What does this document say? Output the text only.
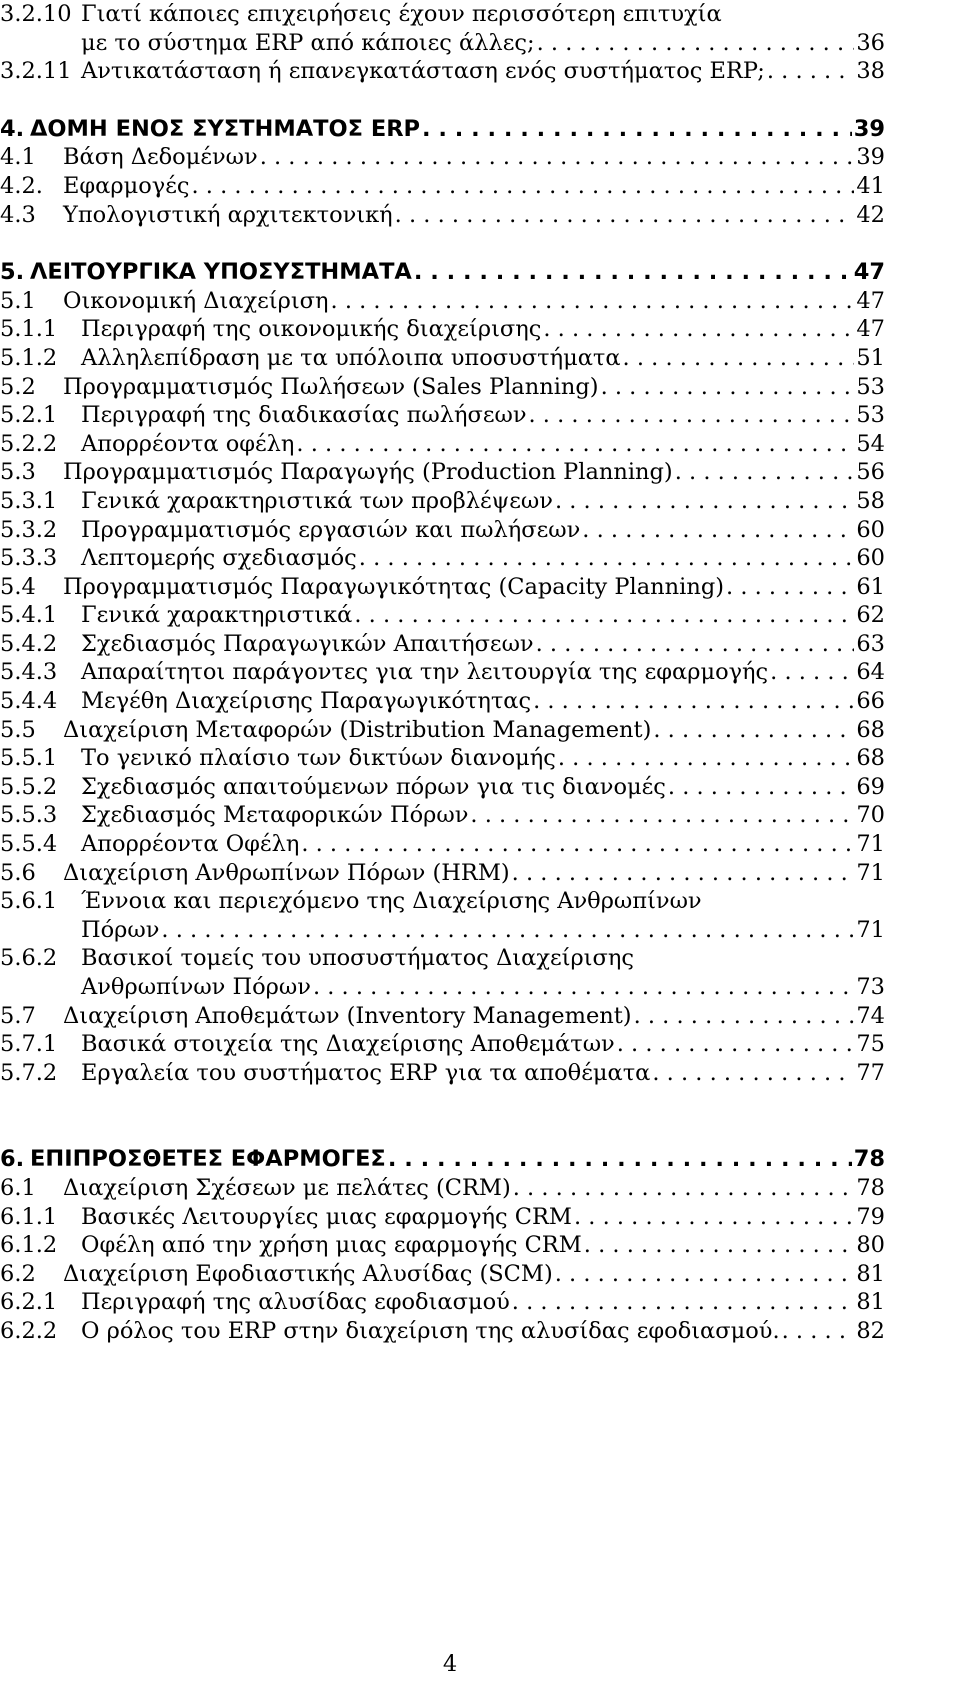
3.2.10 Γιατί κάποιες επιχειρήσεις έχουν περισσότερη επιτυχία
με το σύστημα ERP από κάποιες άλλες; . . .	36
3.2.11 Αντικατάσταση ή επανεγκατάσταση ενός συστήματος ERP; . . .	38
4. ΔΟΜΗ ΕΝΟΣ ΣΥΣΤΗΜΑΤΟΣ ERP . . .	39
4.1	Βάση Δεδομένων . . .	39
4.2. Εφαρμογές . . .	41
4.3	Υπολογιστική αρχιτεκτονική . . .	42
5. ΛΕΙΤΟΥΡΓΙΚΑ ΥΠΟΣΥΣΤΗΜΑΤΑ . . .	47
5.1	Οικονομική Διαχείριση . . .	47
5.1.1	Περιγραφή της οικονομικής διαχείρισης . . .	47
5.1.2	Αλληλεπίδραση με τα υπόλοιπα υποσυστήματα . . .	51
5.2	Προγραμματισμός Πωλήσεων (Sales Planning) . . .	53
5.2.1	Περιγραφή της διαδικασίας πωλήσεων . . .	53
5.2.2	Απορρέοντα οφέλη . . .	54
5.3	Προγραμματισμός Παραγωγής (Production Planning) . . .	56
5.3.1	Γενικά χαρακτηριστικά των προβλέψεων . . .	58
5.3.2	Προγραμματισμός εργασιών και πωλήσεων . . .	60
5.3.3	Λεπτομερής σχεδιασμός . . .	60
5.4	Προγραμματισμός Παραγωγικότητας (Capacity Planning) . . .	61
5.4.1	Γενικά χαρακτηριστικά . . .	62
5.4.2	Σχεδιασμός Παραγωγικών Απαιτήσεων . . .	63
5.4.3	Απαραίτητοι παράγοντες για την λειτουργία της εφαρμογής . . .	64
5.4.4	Μεγέθη Διαχείρισης Παραγωγικότητας . . .	66
5.5	Διαχείριση Μεταφορών (Distribution Management) . . .	68
5.5.1	Το γενικό πλαίσιο των δικτύων διανομής . . .	68
5.5.2	Σχεδιασμός απαιτούμενων πόρων για τις διανομές . . .	69
5.5.3	Σχεδιασμός Μεταφορικών Πόρων . . .	70
5.5.4	Απορρέοντα Οφέλη . . .	71
5.6	Διαχείριση Ανθρωπίνων Πόρων (HRM) . . .	71
5.6.1	Έννοια και περιεχόμενο της Διαχείρισης Ανθρωπίνων
Πόρων . . .	71
5.6.2	Βασικοί τομείς του υποσυστήματος Διαχείρισης
Ανθρωπίνων Πόρων . . .	73
5.7	Διαχείριση Αποθεμάτων (Inventory Management) . . .	74
5.7.1	Βασικά στοιχεία της Διαχείρισης Αποθεμάτων . . .	75
5.7.2	Εργαλεία του συστήματος ERP για τα αποθέματα . . .	77
6. ΕΠΙΠΡΟΣΘΕΤΕΣ ΕΦΑΡΜΟΓΕΣ . . .	78
6.1	Διαχείριση Σχέσεων με πελάτες (CRM) . . .	78
6.1.1	Βασικές Λειτουργίες μιας εφαρμογής CRM . . .	79
6.1.2	Οφέλη από την χρήση μιας εφαρμογής CRM . . .	80
6.2	Διαχείριση Εφοδιαστικής Αλυσίδας (SCM) . . .	81
6.2.1	Περιγραφή της αλυσίδας εφοδιασμού . . .	81
6.2.2	Ο ρόλος του ERP στην διαχείριση της αλυσίδας εφοδιασμού. . . .	82
4
